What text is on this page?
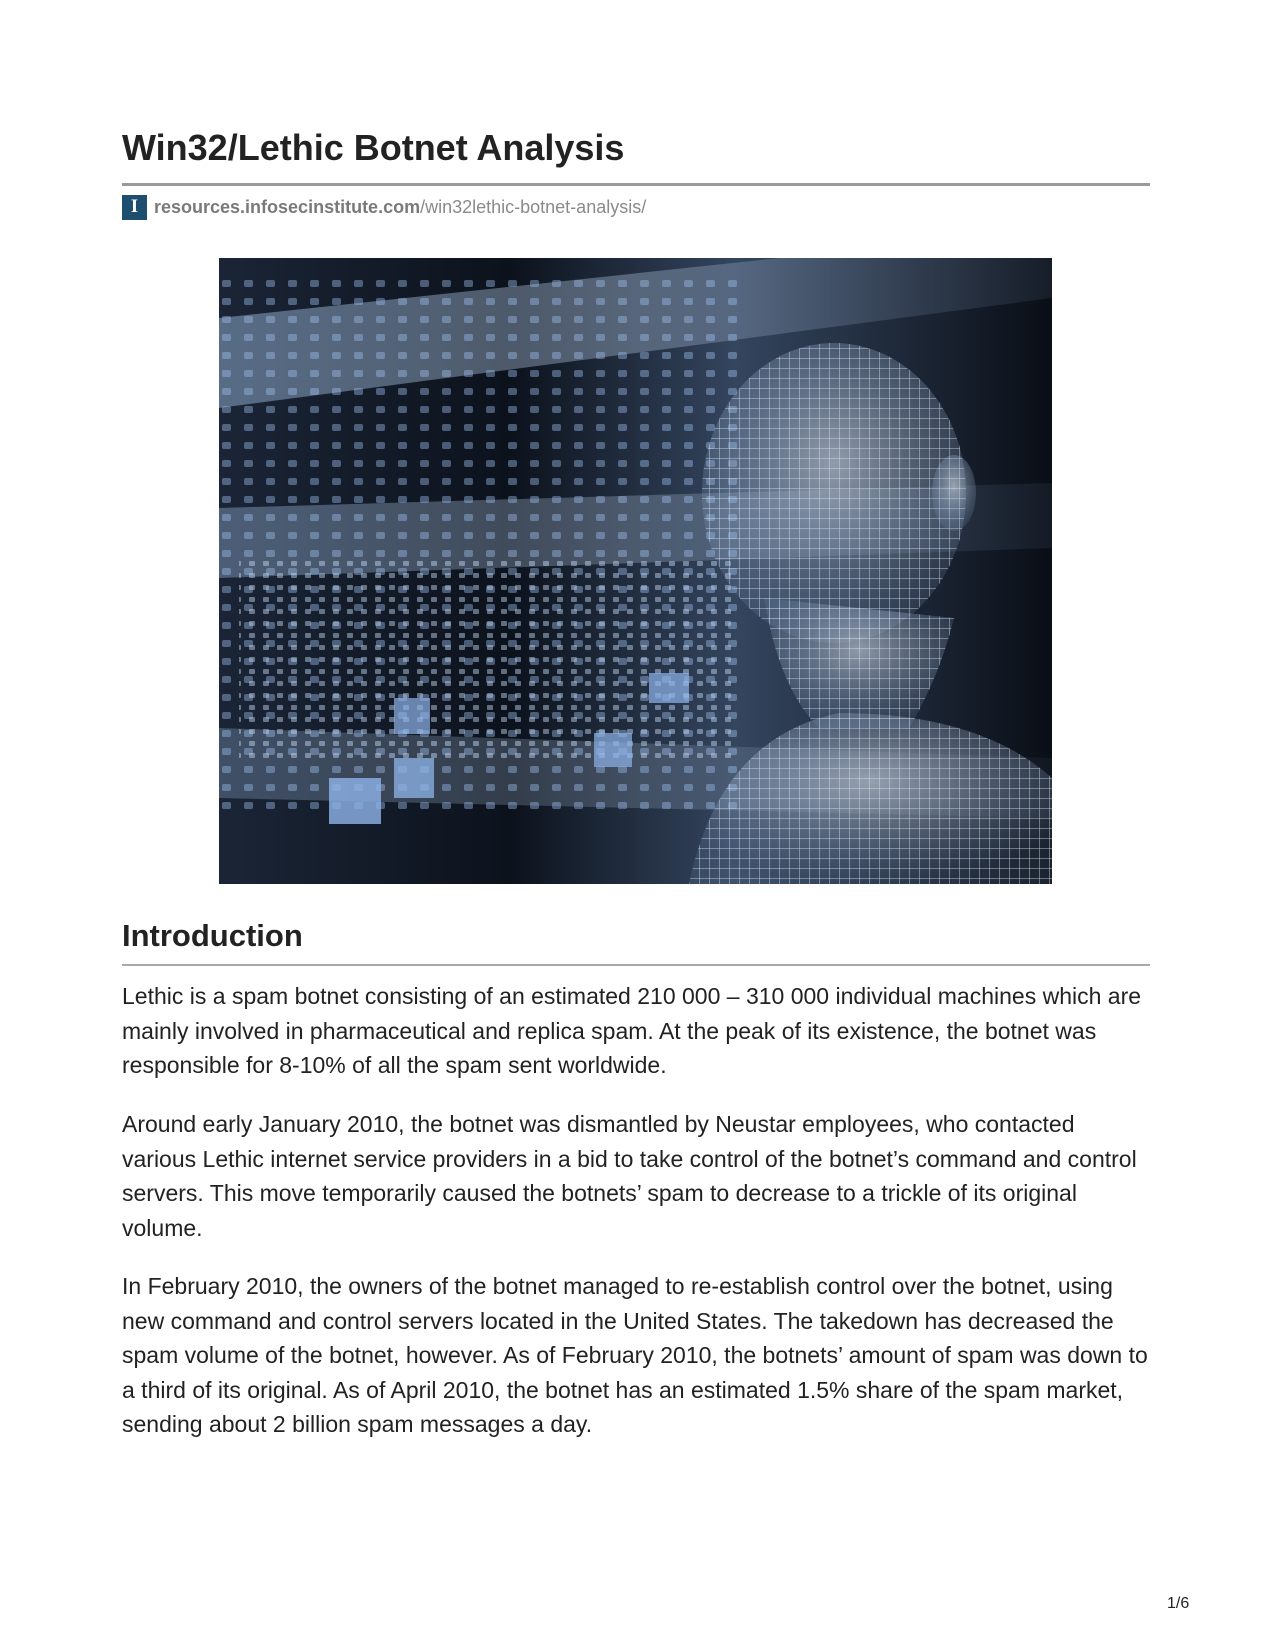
Win32/Lethic Botnet Analysis
I resources.infosecinstitute.com /win32lethic-botnet-analysis/
Introduction

Lethic is a spam botnet consisting of an estimated 210 000 – 310 000 individual machines which are mainly involved in pharmaceutical and replica spam. At the peak of its existence, the botnet was responsible for 8-10% of all the spam sent worldwide.

Around early January 2010, the botnet was dismantled by Neustar employees, who contacted various Lethic internet service providers in a bid to take control of the botnet’s command and control servers. This move temporarily caused the botnets’ spam to decrease to a trickle of its original volume.

In February 2010, the owners of the botnet managed to re-establish control over the botnet, using new command and control servers located in the United States. The takedown has decreased the spam volume of the botnet, however. As of February 2010, the botnets’ amount of spam was down to a third of its original. As of April 2010, the botnet has an estimated 1.5% share of the spam market, sending about 2 billion spam messages a day.

1/6
